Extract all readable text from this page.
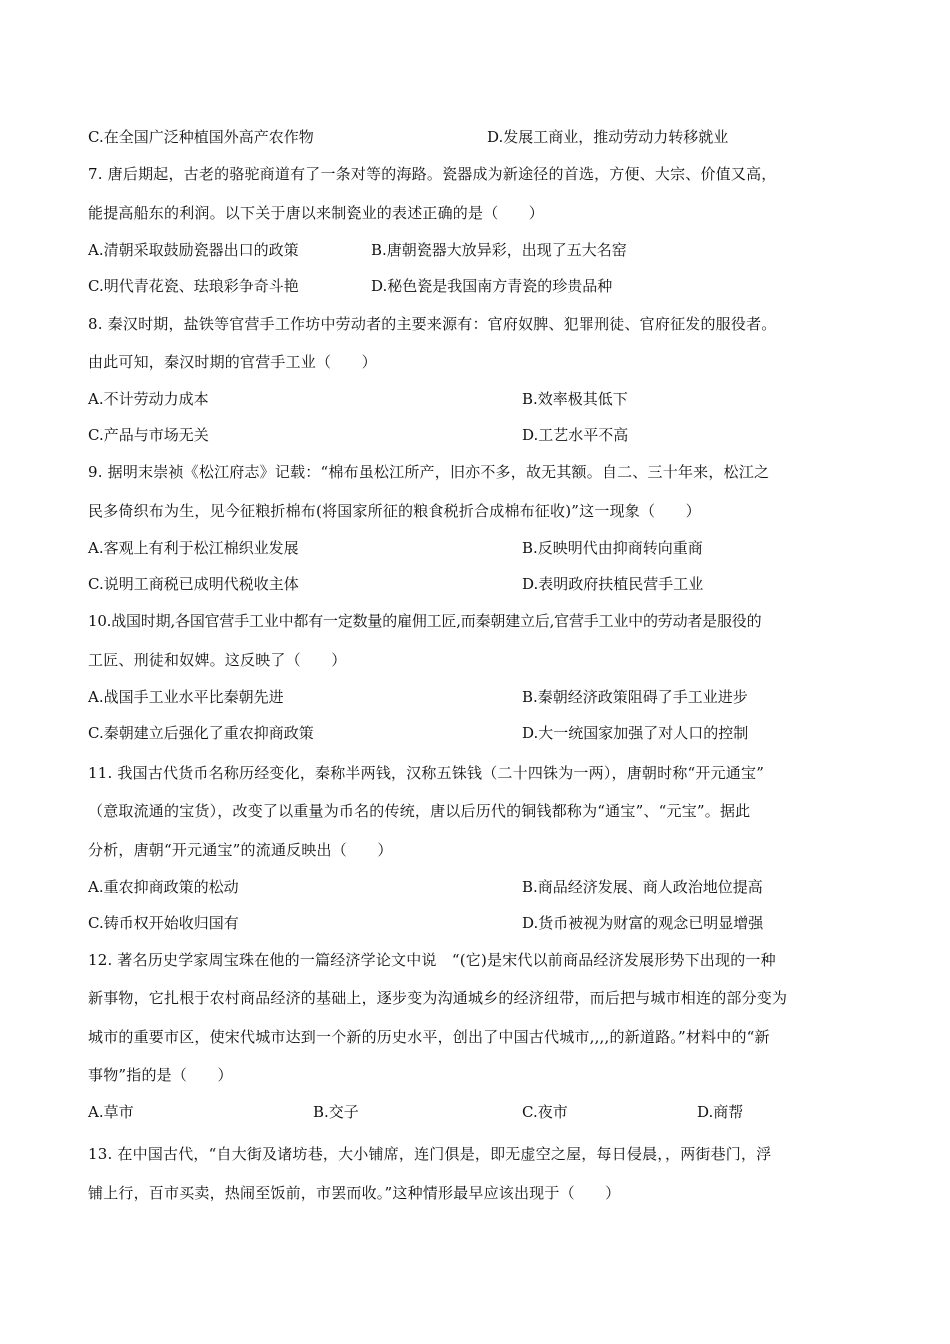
C.在全国广泛种植国外高产农作物	D.发展工商业，推动劳动力转移就业
7. 唐后期起，古老的骆驼商道有了一条对等的海路。瓷器成为新途径的首选，方便、大宗、价值又高，
能提高船东的利润。以下关于唐以来制瓷业的表述正确的是（　　）
A.清朝采取鼓励瓷器出口的政策	B.唐朝瓷器大放异彩，出现了五大名窑
C.明代青花瓷、珐琅彩争奇斗艳	D.秘色瓷是我国南方青瓷的珍贵品种
8. 秦汉时期，盐铁等官营手工作坊中劳动者的主要来源有：官府奴脾、犯罪刑徒、官府征发的服役者。
由此可知，秦汉时期的官营手工业（　　）
A.不计劳动力成本	B.效率极其低下
C.产品与市场无关	D.工艺水平不高
9. 据明末崇祯《松江府志》记载：“棉布虽松江所产，旧亦不多，故无其额。自二、三十年来，松江之
民多倚织布为生，见今征粮折棉布(将国家所征的粮食税折合成棉布征收)”这一现象（　　）
A.客观上有利于松江棉织业发展	B.反映明代由抑商转向重商
C.说明工商税已成明代税收主体	D.表明政府扶植民营手工业
10.战国时期,各国官营手工业中都有一定数量的雇佣工匠,而秦朝建立后,官营手工业中的劳动者是服役的
工匠、刑徒和奴婢。这反映了（　　）
A.战国手工业水平比秦朝先进	B.秦朝经济政策阻碍了手工业进步
C.秦朝建立后强化了重农抑商政策	D.大一统国家加强了对人口的控制
11. 我国古代货币名称历经变化，秦称半两钱，汉称五铢钱（二十四铢为一两），唐朝时称“开元通宝”
（意取流通的宝货），改变了以重量为币名的传统，唐以后历代的铜钱都称为“通宝”、“元宝”。据此
分析，唐朝“开元通宝”的流通反映出（　　）
A.重农抑商政策的松动	B.商品经济发展、商人政治地位提高
C.铸币权开始收归国有	D.货币被视为财富的观念已明显增强
12. 著名历史学家周宝珠在他的一篇经济学论文中说　“(它)是宋代以前商品经济发展形势下出现的一种
新事物，它扎根于农村商品经济的基础上，逐步变为沟通城乡的经济纽带，而后把与城市相连的部分变为
城市的重要市区，使宋代城市达到一个新的历史水平，创出了中国古代城市,,,,的新道路。”材料中的“新
事物”指的是（　　）
A.草市	B.交子	C.夜市	D.商帮
13. 在中国古代，“自大街及诸坊巷，大小铺席，连门俱是，即无虚空之屋，每日侵晨，，两街巷门，浮
铺上行，百市买卖，热闹至饭前，市罢而收。”这种情形最早应该出现于（　　）
